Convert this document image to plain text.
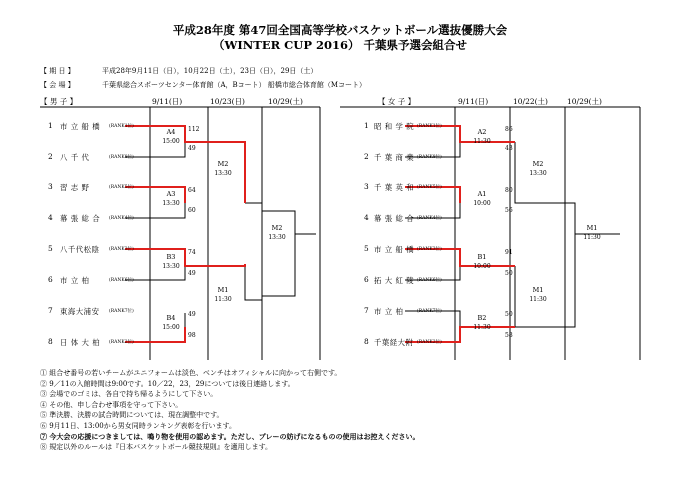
平成28年度 第47回全国高等学校バスケットボール選抜優勝大会
（WINTER CUP 2016） 千葉県予選会組合せ
【 期 日 】	平成28年9月11日（日），10月22日（土），23日（日），29日（土）
【 会 場 】	千葉県総合スポーツセンター体育館（A，Bコート） 船橋市総合体育館（Mコート）
【 男 子 】	9/11(日)	10/23(日)	10/29(土)	【 女 子 】	9/11(日)	10/22(土)	10/29(土)
1 市 立 船 橋 (RANK1位)	112
2 八 千 代	(RANK8位)
49
3 習 志 野	(RANK5位)	64
4 幕 張 総 合 (RANK4位)
60
5 八千代松陰 (RANK3位)	74
6 市 立 柏	(RANK6位)
49
7 東海大浦安 (RANK7位)	49
8 日 体 大 柏 (RANK2位)
98
1 昭 和 学 院 (RANK1位)	86
2 千 葉 商 業 (RANK8位)
43
3 千 葉 英 和 (RANK5位)	80
4 幕 張 総 合 (RANK4位)
56
5 市 立 船 橋 (RANK3位)	91
6 拓 大 紅 陵 (RANK6位)
50
7 市 立 柏	(RANK7位)	50
8 千葉経大附 (RANK2位)
58
A4
15:00
A3
13:30
B3
13:30
B4
15:00
M2
13:30
M1
11:30
M2
13:30
A2
11:30
A1
10:00
B1
10:00
B2
11:30
M2
13:30
M1
11:30
M1
11:30
① 組合せ番号の若いチームがユニフォームは淡色、ベンチはオフィシャルに向かって右側です。
② 9／11の入館時間は9:00です。10／22，23，29については後日連絡します。
③ 会場でのゴミは、各自で持ち帰るようにして下さい。
④ その他、申し合わせ事項を守って下さい。
⑤ 準決勝、決勝の試合時間については、現在調整中です。
⑥ 9月11日、13:00から男女同時ランキング表彰を行います。
⑦ 今大会の応援につきましては、鳴り物を使用の認めます。ただし、プレーの妨げになるものの使用はお控えください。
⑧ 規定以外のルールは『日本バスケットボール競技規則』を適用します。
